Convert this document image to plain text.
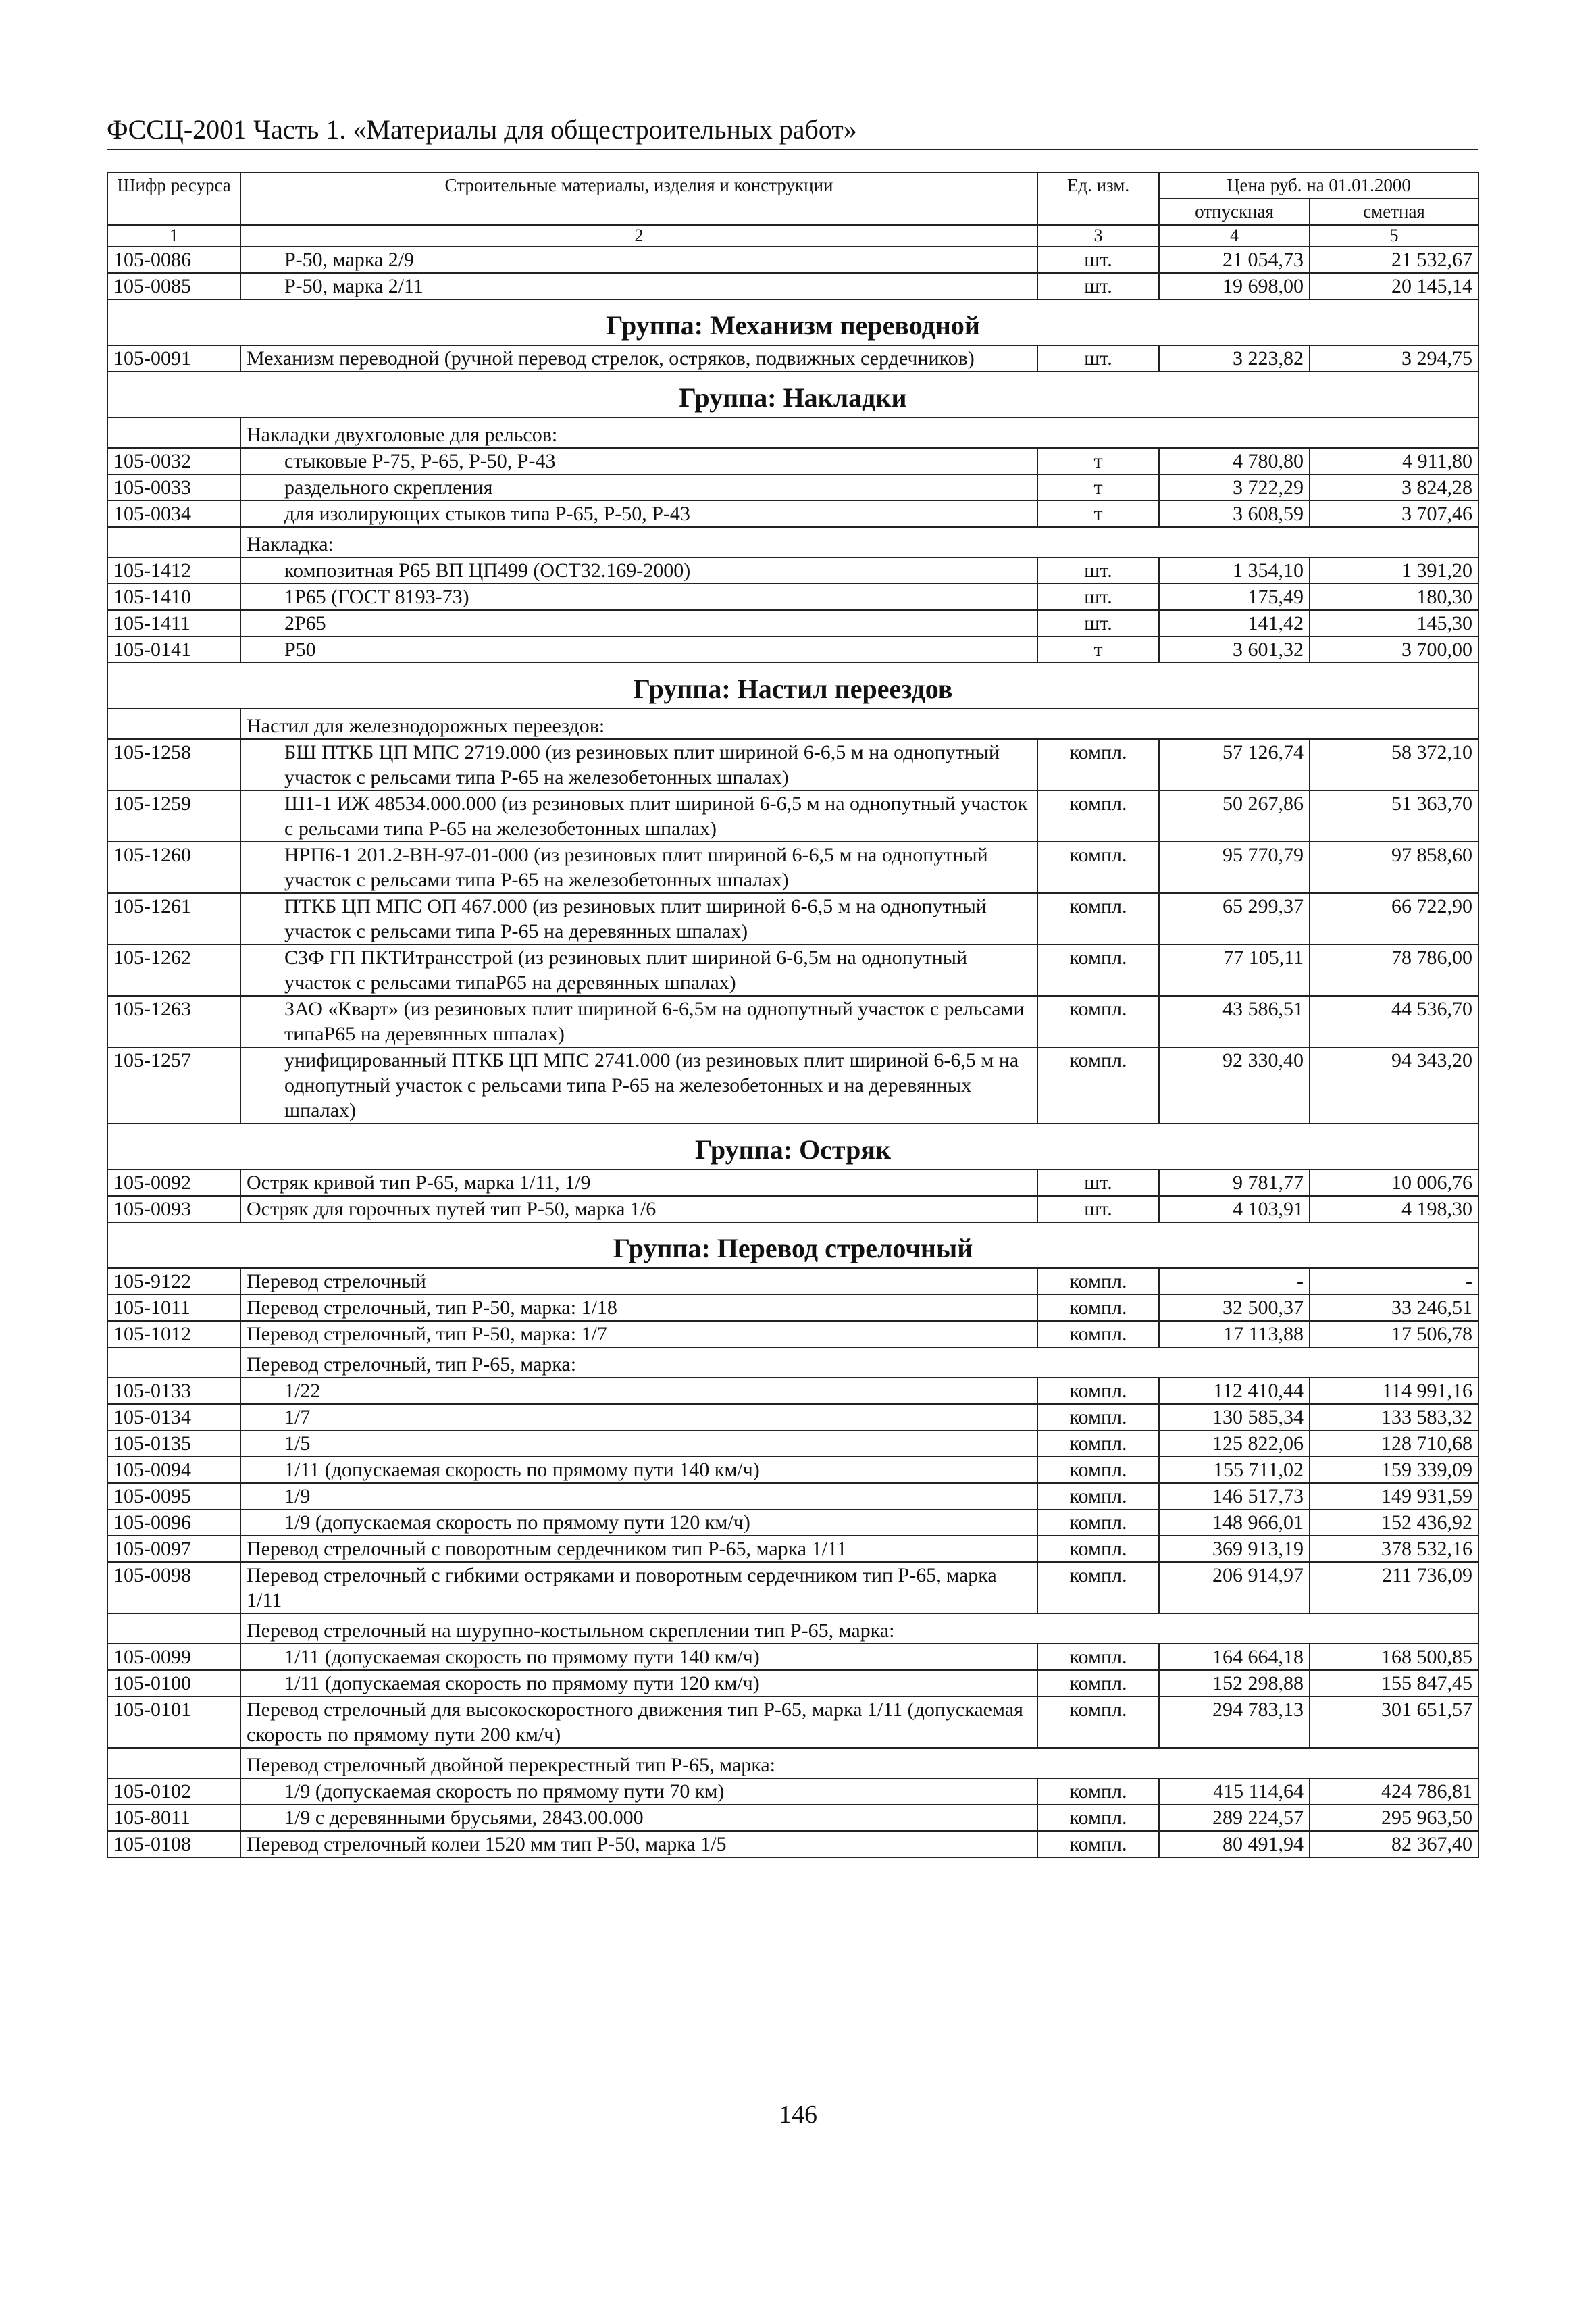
ФССЦ-2001 Часть 1. «Материалы для общестроительных работ»
Шифр ресурса	Строительные материалы, изделия и конструкции	Ед. изм.	Цена руб. на 01.01.2000	
			отпускная	сметная
1	2	3	4	5
105-0086	Р-50, марка 2/9	шт.	21 054,73	21 532,67
105-0085	Р-50, марка 2/11	шт.	19 698,00	20 145,14
Группа: Механизм переводной				
105-0091	Механизм переводной (ручной перевод стрелок, остряков, подвижных сердечников)	шт.	3 223,82	3 294,75
Группа: Накладки				
	Накладки двухголовые для рельсов:			
105-0032	стыковые Р-75, Р-65, Р-50, Р-43	т	4 780,80	4 911,80
105-0033	раздельного скрепления	т	3 722,29	3 824,28
105-0034	для изолирующих стыков типа Р-65, Р-50, Р-43	т	3 608,59	3 707,46
	Накладка:			
105-1412	композитная Р65 ВП ЦП499 (ОСТ32.169-2000)	шт.	1 354,10	1 391,20
105-1410	1Р65 (ГОСТ 8193-73)	шт.	175,49	180,30
105-1411	2Р65	шт.	141,42	145,30
105-0141	Р50	т	3 601,32	3 700,00
Группа: Настил переездов				
	Настил для железнодорожных переездов:			
105-1258	БШ ПТКБ ЦП МПС 2719.000 (из резиновых плит шириной 6-6,5 м на однопутный участок с рельсами типа Р-65 на железобетонных шпалах)	компл.	57 126,74	58 372,10
105-1259	Ш1-1 ИЖ 48534.000.000 (из резиновых плит шириной 6-6,5 м на однопутный участок с рельсами типа Р-65 на железобетонных шпалах)	компл.	50 267,86	51 363,70
105-1260	НРП6-1 201.2-ВН-97-01-000 (из резиновых плит шириной 6-6,5 м на однопутный участок с рельсами типа Р-65 на железобетонных шпалах)	компл.	95 770,79	97 858,60
105-1261	ПТКБ ЦП МПС ОП 467.000 (из резиновых плит шириной 6-6,5 м на однопутный участок с рельсами типа Р-65 на деревянных шпалах)	компл.	65 299,37	66 722,90
105-1262	СЗФ ГП ПКТИтрансстрой (из резиновых плит шириной 6-6,5м на однопутный участок с рельсами типаР65 на деревянных шпалах)	компл.	77 105,11	78 786,00
105-1263	ЗАО «Кварт» (из резиновых плит шириной 6-6,5м на однопутный участок с рельсами типаР65 на деревянных шпалах)	компл.	43 586,51	44 536,70
105-1257	унифицированный ПТКБ ЦП МПС 2741.000 (из резиновых плит шириной 6-6,5 м на однопутный участок с рельсами типа Р-65 на железобетонных и на деревянных шпалах)	компл.	92 330,40	94 343,20
Группа: Остряк				
105-0092	Остряк кривой тип Р-65, марка 1/11, 1/9	шт.	9 781,77	10 006,76
105-0093	Остряк для горочных путей тип Р-50, марка 1/6	шт.	4 103,91	4 198,30
Группа: Перевод стрелочный				
105-9122	Перевод стрелочный	компл.	-	-
105-1011	Перевод стрелочный, тип Р-50, марка: 1/18	компл.	32 500,37	33 246,51
105-1012	Перевод стрелочный, тип Р-50, марка: 1/7	компл.	17 113,88	17 506,78
	Перевод стрелочный, тип Р-65, марка:			
105-0133	1/22	компл.	112 410,44	114 991,16
105-0134	1/7	компл.	130 585,34	133 583,32
105-0135	1/5	компл.	125 822,06	128 710,68
105-0094	1/11 (допускаемая скорость по прямому пути 140 км/ч)	компл.	155 711,02	159 339,09
105-0095	1/9	компл.	146 517,73	149 931,59
105-0096	1/9 (допускаемая скорость по прямому пути 120 км/ч)	компл.	148 966,01	152 436,92
105-0097	Перевод стрелочный с поворотным сердечником тип Р-65, марка 1/11	компл.	369 913,19	378 532,16
105-0098	Перевод стрелочный с гибкими остряками и поворотным сердечником тип Р-65, марка 1/11	компл.	206 914,97	211 736,09
	Перевод стрелочный на шурупно-костыльном скреплении тип Р-65, марка:			
105-0099	1/11 (допускаемая скорость по прямому пути 140 км/ч)	компл.	164 664,18	168 500,85
105-0100	1/11 (допускаемая скорость по прямому пути 120 км/ч)	компл.	152 298,88	155 847,45
105-0101	Перевод стрелочный для высокоскоростного движения тип Р-65, марка 1/11 (допускаемая скорость по прямому пути 200 км/ч)	компл.	294 783,13	301 651,57
	Перевод стрелочный двойной перекрестный тип Р-65, марка:			
105-0102	1/9 (допускаемая скорость по прямому пути 70 км)	компл.	415 114,64	424 786,81
105-8011	1/9 с деревянными брусьями, 2843.00.000	компл.	289 224,57	295 963,50
105-0108	Перевод стрелочный колеи 1520 мм тип Р-50, марка 1/5	компл.	80 491,94	82 367,40
146
